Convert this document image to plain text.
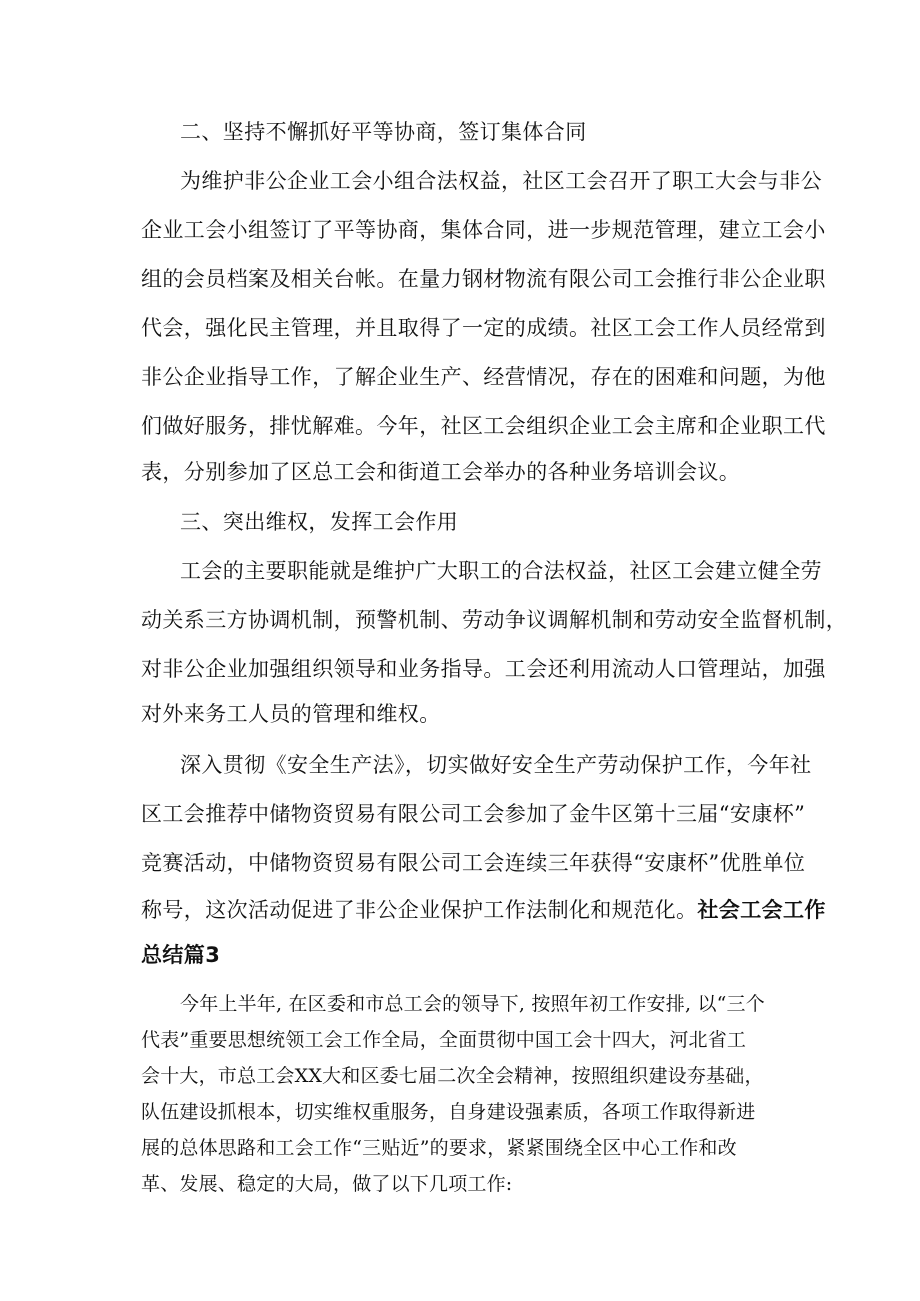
二、坚持不懈抓好平等协商，签订集体合同
为维护非公企业工会小组合法权益，社区工会召开了职工大会与非公
企业工会小组签订了平等协商，集体合同，进一步规范管理，建立工会小
组的会员档案及相关台帐。在量力钢材物流有限公司工会推行非公企业职
代会，强化民主管理，并且取得了一定的成绩。社区工会工作人员经常到
非公企业指导工作，了解企业生产、经营情况，存在的困难和问题，为他
们做好服务，排忧解难。今年，社区工会组织企业工会主席和企业职工代
表，分别参加了区总工会和街道工会举办的各种业务培训会议。
三、突出维权，发挥工会作用
工会的主要职能就是维护广大职工的合法权益，社区工会建立健全劳
动关系三方协调机制，预警机制、劳动争议调解机制和劳动安全监督机制，
对非公企业加强组织领导和业务指导。工会还利用流动人口管理站，加强
对外来务工人员的管理和维权。
深入贯彻《安全生产法》，切实做好安全生产劳动保护工作，今年社
区工会推荐中储物资贸易有限公司工会参加了金牛区第十三届“安康杯”
竞赛活动，中储物资贸易有限公司工会连续三年获得“安康杯”优胜单位
称号，这次活动促进了非公企业保护工作法制化和规范化。社会工会工作
总结篇3
今年上半年, 在区委和市总工会的领导下, 按照年初工作安排, 以“三个
代表”重要思想统领工会工作全局，全面贯彻中国工会十四大，河北省工
会十大，市总工会XX大和区委七届二次全会精神，按照组织建设夯基础，
队伍建设抓根本，切实维权重服务，自身建设强素质，各项工作取得新进
展的总体思路和工会工作“三贴近”的要求，紧紧围绕全区中心工作和改
革、发展、稳定的大局，做了以下几项工作:
